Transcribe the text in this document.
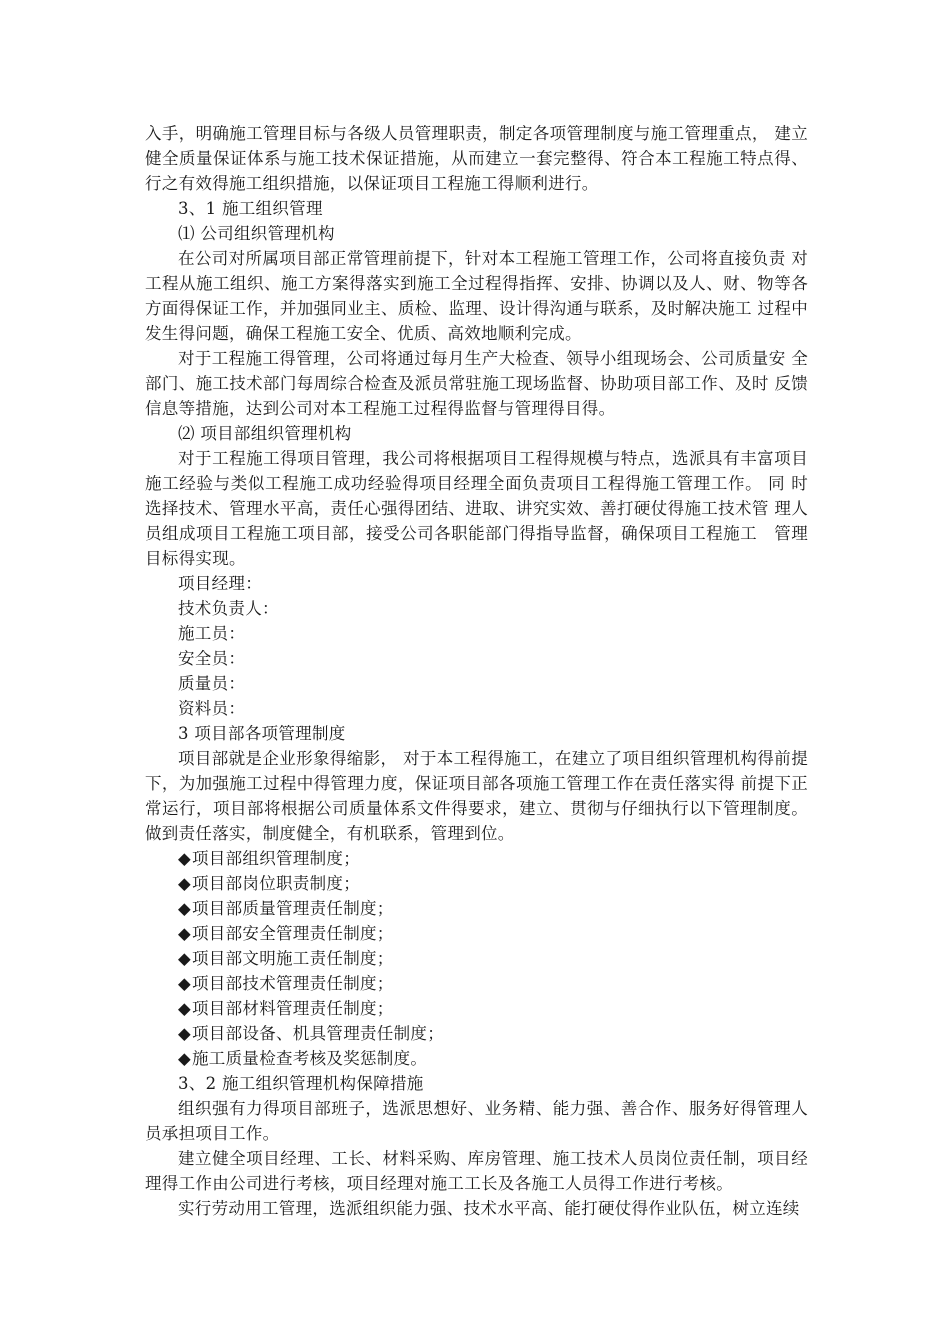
入手，明确施工管理目标与各级人员管理职责，制定各项管理制度与施工管理重点， 建立健全质量保证体系与施工技术保证措施，从而建立一套完整得、符合本工程施工特点得、行之有效得施工组织措施，以保证项目工程施工得顺利进行。

3、1 施工组织管理

⑴ 公司组织管理机构

在公司对所属项目部正常管理前提下，针对本工程施工管理工作，公司将直接负责 对工程从施工组织、施工方案得落实到施工全过程得指挥、安排、协调以及人、财、物等各方面得保证工作，并加强同业主、质检、监理、设计得沟通与联系，及时解决施工 过程中发生得问题，确保工程施工安全、优质、高效地顺利完成。

对于工程施工得管理，公司将通过每月生产大检查、领导小组现场会、公司质量安 全部门、施工技术部门每周综合检查及派员常驻施工现场监督、协助项目部工作、及时 反馈信息等措施，达到公司对本工程施工过程得监督与管理得目得。

⑵ 项目部组织管理机构

对于工程施工得项目管理，我公司将根据项目工程得规模与特点，选派具有丰富项目施工经验与类似工程施工成功经验得项目经理全面负责项目工程得施工管理工作。 同 时选择技术、管理水平高，责任心强得团结、进取、讲究实效、善打硬仗得施工技术管 理人员组成项目工程施工项目部，接受公司各职能部门得指导监督，确保项目工程施工　管理目标得实现。

项目经理：

技术负责人：

施工员：

安全员：

质量员：

资料员：

3 项目部各项管理制度

项目部就是企业形象得缩影， 对于本工程得施工，在建立了项目组织管理机构得前提下，为加强施工过程中得管理力度，保证项目部各项施工管理工作在责任落实得 前提下正常运行，项目部将根据公司质量体系文件得要求，建立、贯彻与仔细执行以下管理制度。做到责任落实，制度健全，有机联系，管理到位。

◆项目部组织管理制度；
◆项目部岗位职责制度；
◆项目部质量管理责任制度；
◆项目部安全管理责任制度；
◆项目部文明施工责任制度；
◆项目部技术管理责任制度；
◆项目部材料管理责任制度；
◆项目部设备、机具管理责任制度；
◆施工质量检查考核及奖惩制度。

3、2 施工组织管理机构保障措施

组织强有力得项目部班子，选派思想好、业务精、能力强、善合作、服务好得管理人员承担项目工作。

建立健全项目经理、工长、材料采购、库房管理、施工技术人员岗位责任制，项目经理得工作由公司进行考核，项目经理对施工工长及各施工人员得工作进行考核。

实行劳动用工管理，选派组织能力强、技术水平高、能打硬仗得作业队伍，树立连续
